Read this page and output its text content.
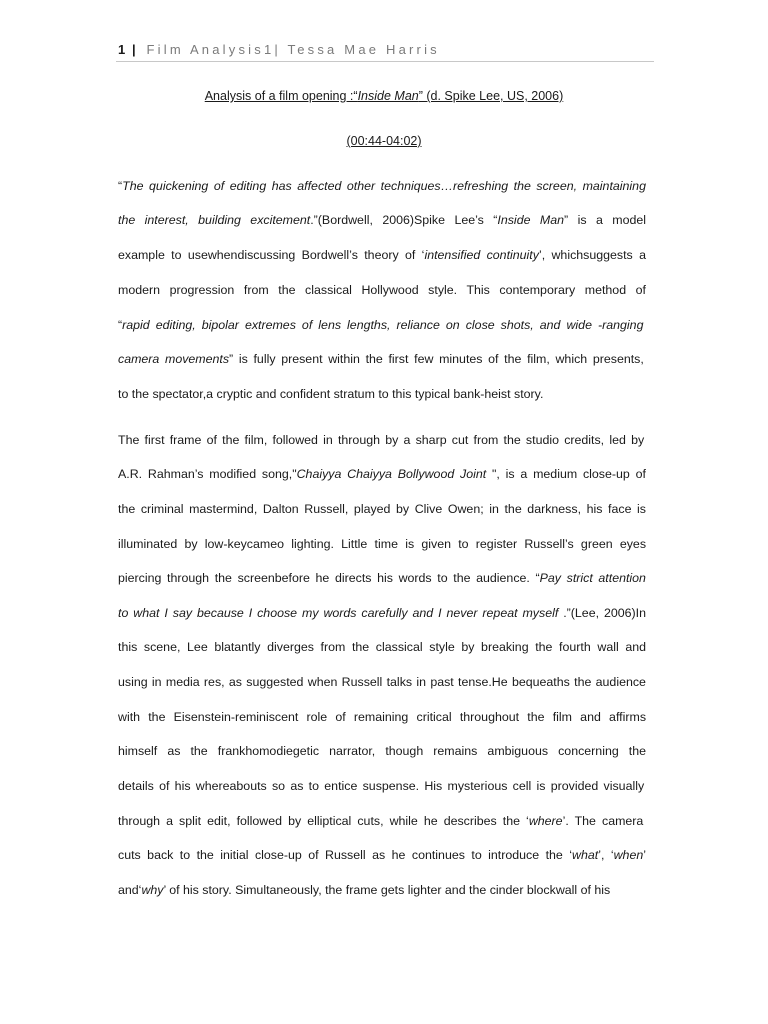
1 | Film Analysis1| Tessa Mae Harris
Analysis of a film opening :“Inside Man” (d. Spike Lee, US, 2006)
(00:44-04:02)
“The quickening of editing has affected other techniques…refreshing the screen, maintaining
the interest, building excitement.”(Bordwell, 2006)Spike Lee’s “Inside Man” is a model
example to usewhendiscussing Bordwell’s theory of ‘intensified continuity’, whichsuggests a
modern progression from the classical Hollywood style. This contemporary method of
“rapid editing, bipolar extremes of lens lengths, reliance on close shots, and wide -ranging
camera movements” is fully present within the first few minutes of the film, which presents,
to the spectator,a cryptic and confident stratum to this typical bank-heist story.
The first frame of the film, followed in through by a sharp cut from the studio credits, led by
A.R. Rahman’s modified song,"Chaiyya Chaiyya Bollywood Joint ", is a medium close-up of
the criminal mastermind, Dalton Russell, played by Clive Owen; in the darkness, his face is
illuminated by low-keycameo lighting. Little time is given to register Russell’s green eyes
piercing through the screenbefore he directs his words to the audience. “Pay strict attention
to what I say because I choose my words carefully and I never repeat myself .”(Lee, 2006)In
this scene, Lee blatantly diverges from the classical style by breaking the fourth wall and
using in media res, as suggested when Russell talks in past tense.He bequeaths the audience
with the Eisenstein-reminiscent role of remaining critical throughout the film and affirms
himself as the frankhomodiegetic narrator, though remains ambiguous concerning the
details of his whereabouts so as to entice suspense. His mysterious cell is provided visually
through a split edit, followed by elliptical cuts, while he describes the ‘where’. The camera
cuts back to the initial close-up of Russell as he continues to introduce the ‘what’, ‘when’
and‘why’ of his story. Simultaneously, the frame gets lighter and the cinder blockwall of his
